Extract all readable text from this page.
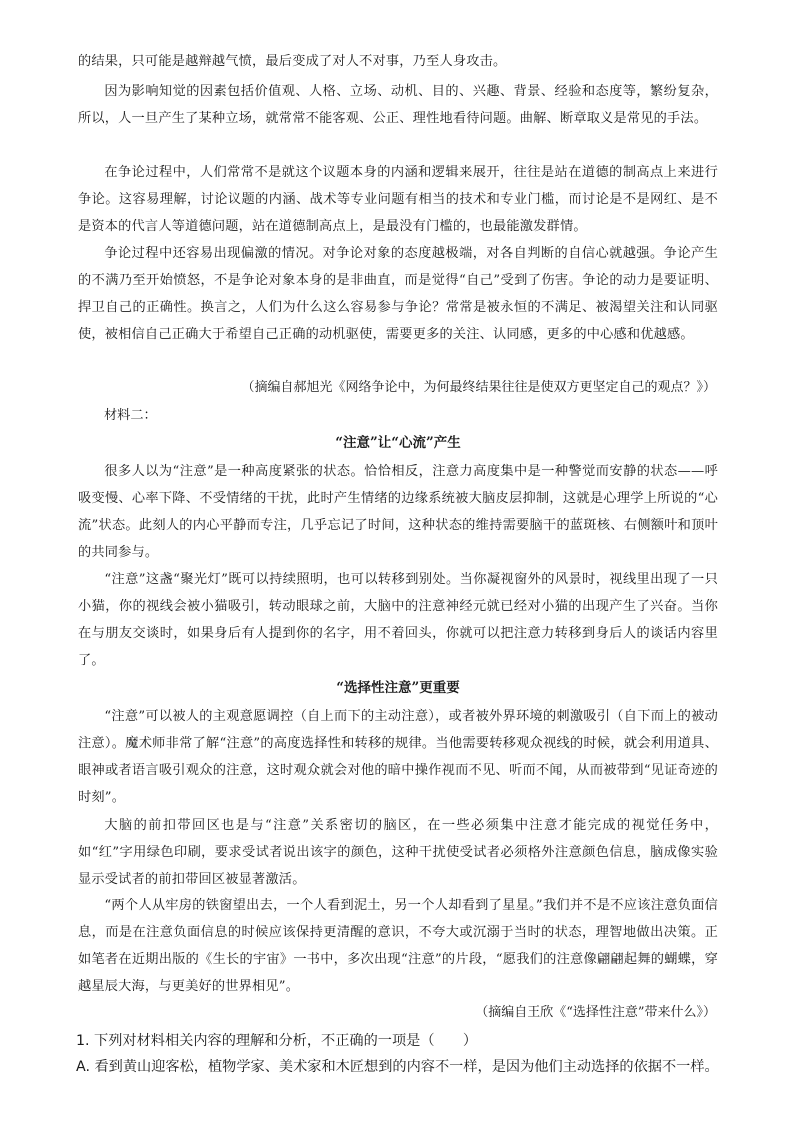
的结果，只可能是越辩越气愤，最后变成了对人不对事，乃至人身攻击。

因为影响知觉的因素包括价值观、人格、立场、动机、目的、兴趣、背景、经验和态度等，繁纷复杂，所以，人一旦产生了某种立场，就常常不能客观、公正、理性地看待问题。曲解、断章取义是常见的手法。

在争论过程中，人们常常不是就这个议题本身的内涵和逻辑来展开，往往是站在道德的制高点上来进行争论。这容易理解，讨论议题的内涵、战术等专业问题有相当的技术和专业门槛，而讨论是不是网红、是不是资本的代言人等道德问题，站在道德制高点上，是最没有门槛的，也最能激发群情。

争论过程中还容易出现偏激的情况。对争论对象的态度越极端，对各自判断的自信心就越强。争论产生的不满乃至开始愤怒，不是争论对象本身的是非曲直，而是觉得“自己”受到了伤害。争论的动力是要证明、捍卫自己的正确性。换言之，人们为什么这么容易参与争论？常常是被永恒的不满足、被渴望关注和认同驱使，被相信自己正确大于希望自己正确的动机驱使，需要更多的关注、认同感，更多的中心感和优越感。

（摘编自郝旭光《网络争论中，为何最终结果往往是使双方更坚定自己的观点？》）

材料二：

“注意”让“心流”产生

很多人以为“注意”是一种高度紧张的状态。恰恰相反，注意力高度集中是一种警觉而安静的状态——呼吸变慢、心率下降、不受情绪的干扰，此时产生情绪的边缘系统被大脑皮层抑制，这就是心理学上所说的“心流”状态。此刻人的内心平静而专注，几乎忘记了时间，这种状态的维持需要脑干的蓝斑核、右侧额叶和顶叶的共同参与。

“注意”这盏“聚光灯”既可以持续照明，也可以转移到别处。当你凝视窗外的风景时，视线里出现了一只小猫，你的视线会被小猫吸引，转动眼球之前，大脑中的注意神经元就已经对小猫的出现产生了兴奋。当你在与朋友交谈时，如果身后有人提到你的名字，用不着回头，你就可以把注意力转移到身后人的谈话内容里了。

“选择性注意”更重要

“注意”可以被人的主观意愿调控（自上而下的主动注意），或者被外界环境的刺激吸引（自下而上的被动注意）。魔术师非常了解“注意”的高度选择性和转移的规律。当他需要转移观众视线的时候，就会利用道具、眼神或者语言吸引观众的注意，这时观众就会对他的暗中操作视而不见、听而不闻，从而被带到“见证奇迹的时刻”。

大脑的前扣带回区也是与“注意”关系密切的脑区，在一些必须集中注意才能完成的视觉任务中，如“红”字用绿色印刷，要求受试者说出该字的颜色，这种干扰使受试者必须格外注意颜色信息，脑成像实验显示受试者的前扣带回区被显著激活。

“两个人从牢房的铁窗望出去，一个人看到泥土，另一个人却看到了星星。”我们并不是不应该注意负面信息，而是在注意负面信息的时候应该保持更清醒的意识，不夸大或沉溺于当时的状态，理智地做出决策。正如笔者在近期出版的《生长的宇宙》一书中，多次出现“注意”的片段，“愿我们的注意像翩翩起舞的蝴蝶，穿越星辰大海，与更美好的世界相见”。

（摘编自王欣《“选择性注意”带来什么》）

1. 下列对材料相关内容的理解和分析，不正确的一项是（　　）

A. 看到黄山迎客松，植物学家、美术家和木匠想到的内容不一样，是因为他们主动选择的依据不一样。
